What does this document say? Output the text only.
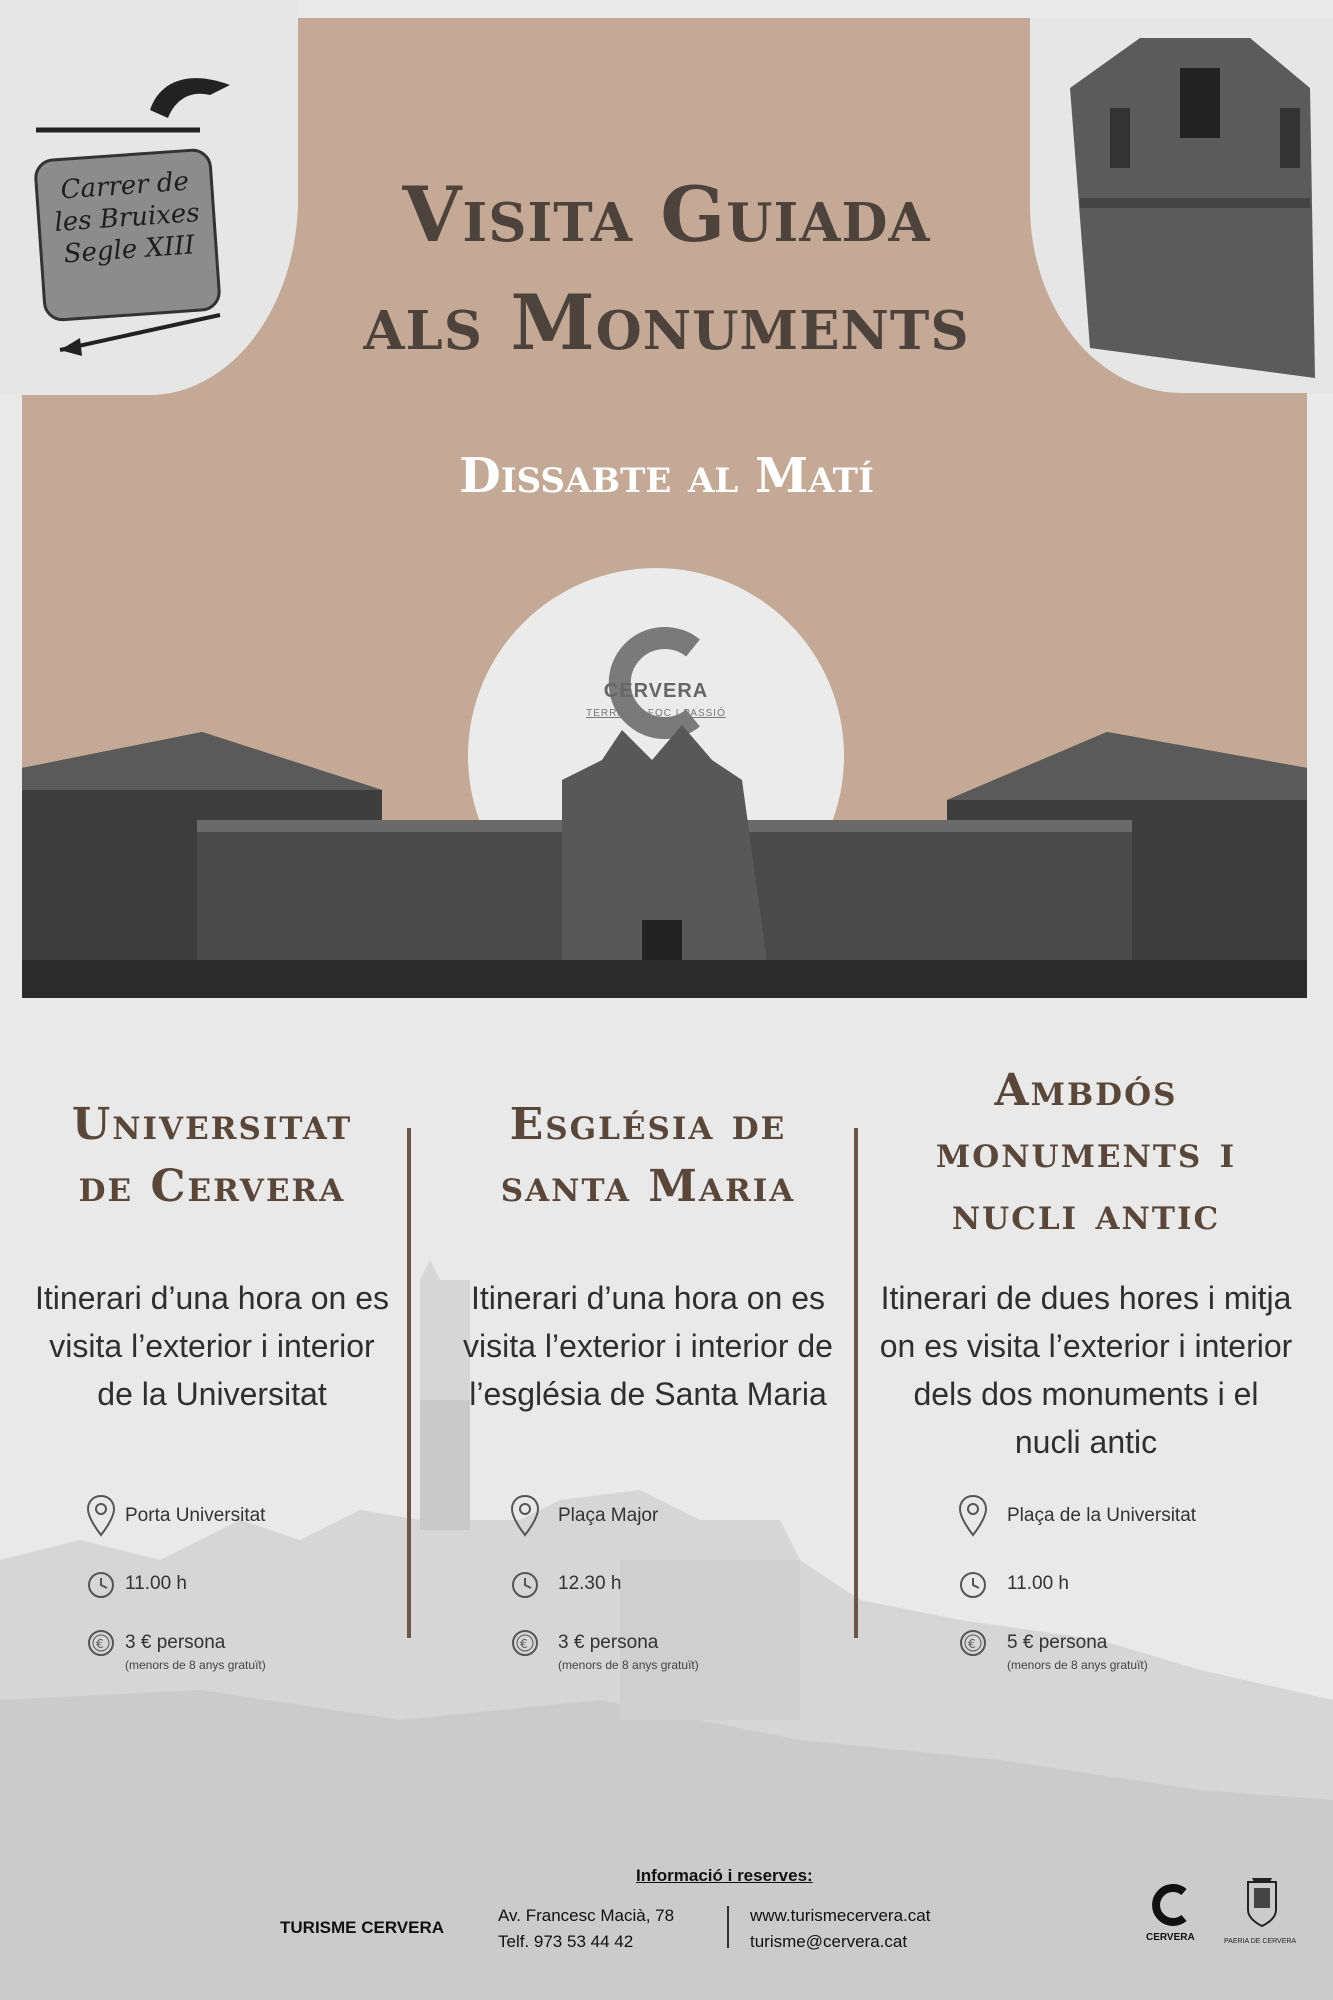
Carrer de les Bruixes Segle XIII	Visita Guiada
als Monuments
Dissabte al Matí
CERVERA
TERRA DE FOC I PASSIÓ
Universitat
de Cervera

Itinerari d’una hora on es

visita l’exterior i interior

de la Universitat

Església de
santa Maria

Itinerari d’una hora on es

visita l’exterior i interior de

l’església de Santa Maria

Ambdós
monuments i
nucli antic

Itinerari de dues hores i mitja

on es visita l’exterior i interior

dels dos monuments i el

nucli antic

Porta Universitat
11.00 h
€ 3 € persona
(menors de 8 anys gratuït)
Plaça Major
12.30 h
€ 3 € persona
(menors de 8 anys gratuït)
Plaça de la Universitat
11.00 h
€ 5 € persona
(menors de 8 anys gratuït)
Informació i reserves:
TURISME CERVERA
Av. Francesc Macià, 78
Telf. 973 53 44 42
www.turismecervera.cat
turisme@cervera.cat	CERVERA	PAERIA DE CERVERA
